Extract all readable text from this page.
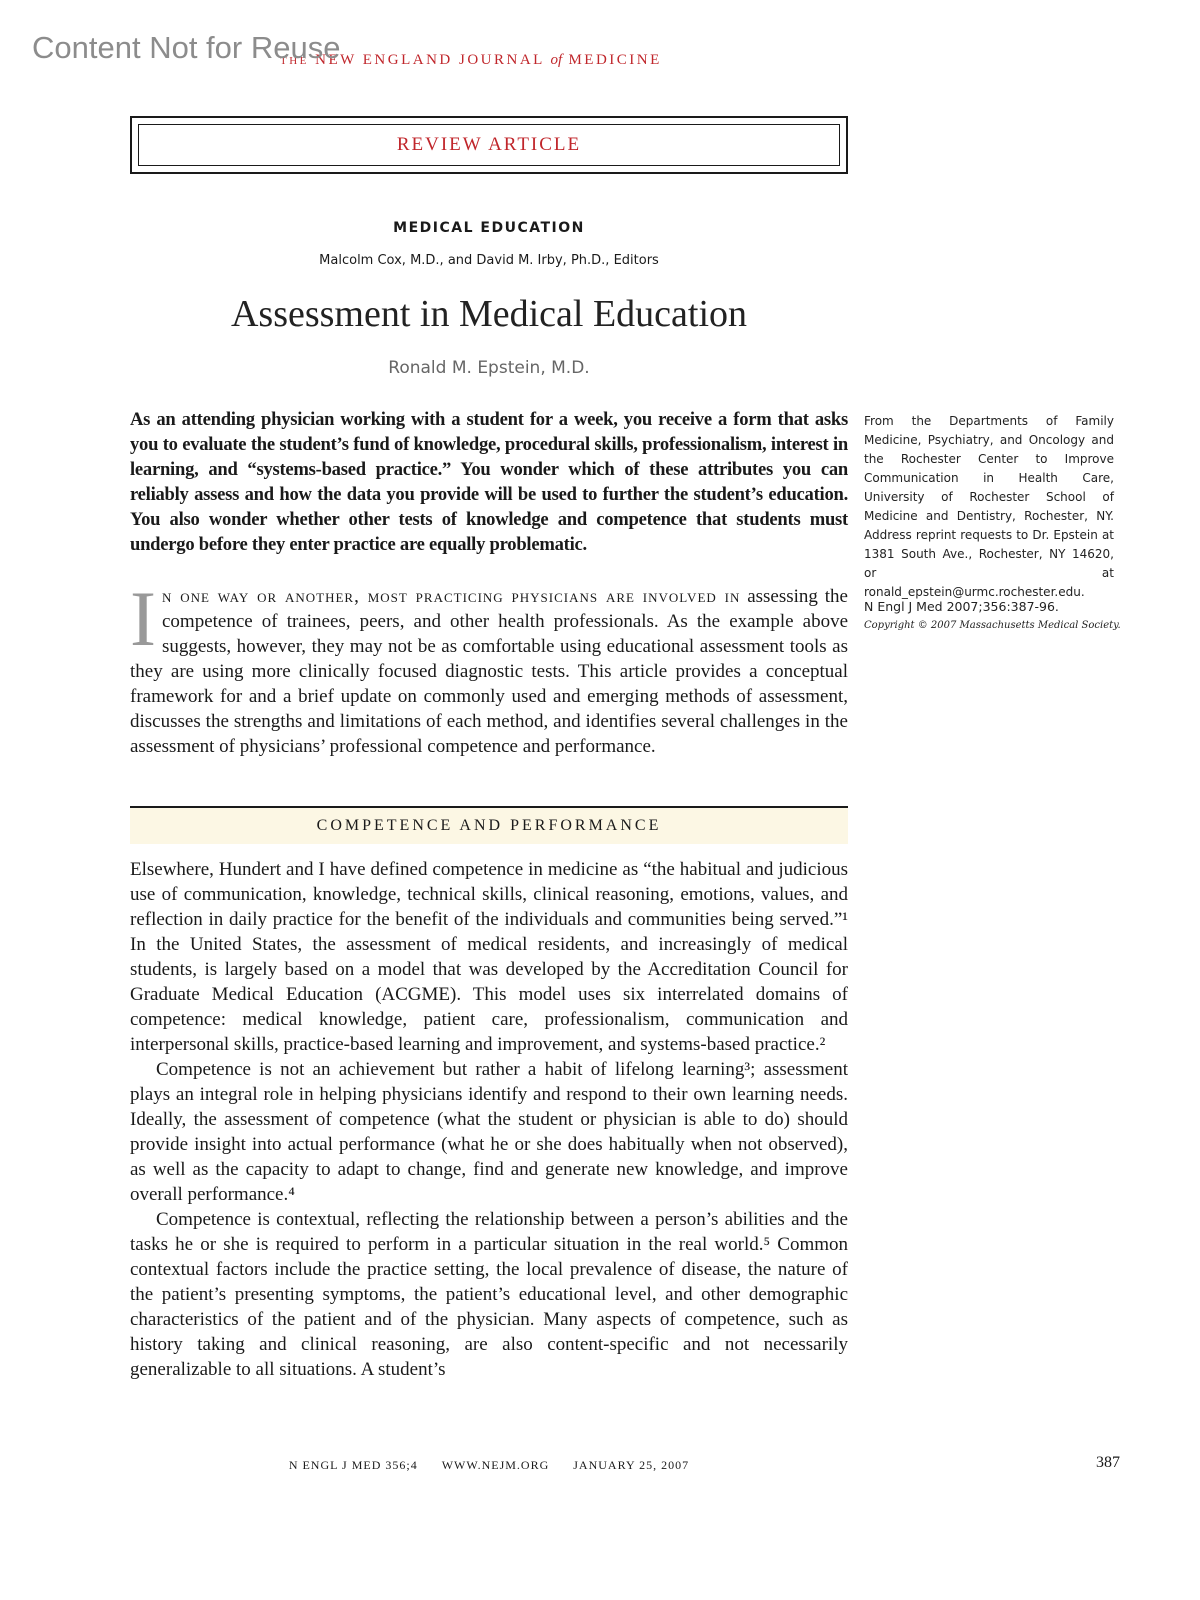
Content Not for Reuse
the NEW ENGLAND JOURNAL of MEDICINE
REVIEW ARTICLE
MEDICAL EDUCATION
Malcolm Cox, M.D., and David M. Irby, Ph.D., Editors
Assessment in Medical Education
Ronald M. Epstein, M.D.
As an attending physician working with a student for a week, you receive a form that asks you to evaluate the student’s fund of knowledge, procedural skills, professionalism, interest in learning, and “systems-based practice.” You wonder which of these attributes you can reliably assess and how the data you provide will be used to further the student’s education. You also wonder whether other tests of knowledge and competence that students must undergo before they enter practice are equally problematic.
From the Departments of Family Medicine, Psychiatry, and Oncology and the Rochester Center to Improve Communication in Health Care, University of Rochester School of Medicine and Dentistry, Rochester, NY. Address reprint requests to Dr. Epstein at 1381 South Ave., Rochester, NY 14620, or at ronald_epstein@urmc.rochester.edu.
N Engl J Med 2007;356:387-96.
Copyright © 2007 Massachusetts Medical Society.
In one way or another, most practicing physicians are involved in assessing the competence of trainees, peers, and other health professionals. As the example above suggests, however, they may not be as comfortable using educational assessment tools as they are using more clinically focused diagnostic tests. This article provides a conceptual framework for and a brief update on commonly used and emerging methods of assessment, discusses the strengths and limitations of each method, and identifies several challenges in the assessment of physicians’ professional competence and performance.
COMPETENCE AND PERFORMANCE

Elsewhere, Hundert and I have defined competence in medicine as “the habitual and judicious use of communication, knowledge, technical skills, clinical reasoning, emotions, values, and reflection in daily practice for the benefit of the individuals and communities being served.”¹ In the United States, the assessment of medical residents, and increasingly of medical students, is largely based on a model that was developed by the Accreditation Council for Graduate Medical Education (ACGME). This model uses six interrelated domains of competence: medical knowledge, patient care, professionalism, communication and interpersonal skills, practice-based learning and improvement, and systems-based practice.²

Competence is not an achievement but rather a habit of lifelong learning³; assessment plays an integral role in helping physicians identify and respond to their own learning needs. Ideally, the assessment of competence (what the student or physician is able to do) should provide insight into actual performance (what he or she does habitually when not observed), as well as the capacity to adapt to change, find and generate new knowledge, and improve overall performance.⁴

Competence is contextual, reflecting the relationship between a person’s abilities and the tasks he or she is required to perform in a particular situation in the real world.⁵ Common contextual factors include the practice setting, the local prevalence of disease, the nature of the patient’s presenting symptoms, the patient’s educational level, and other demographic characteristics of the patient and of the physician. Many aspects of competence, such as history taking and clinical reasoning, are also content-specific and not necessarily generalizable to all situations. A student’s

N ENGL J MED 356;4 WWW.NEJM.ORG JANUARY 25, 2007	387
